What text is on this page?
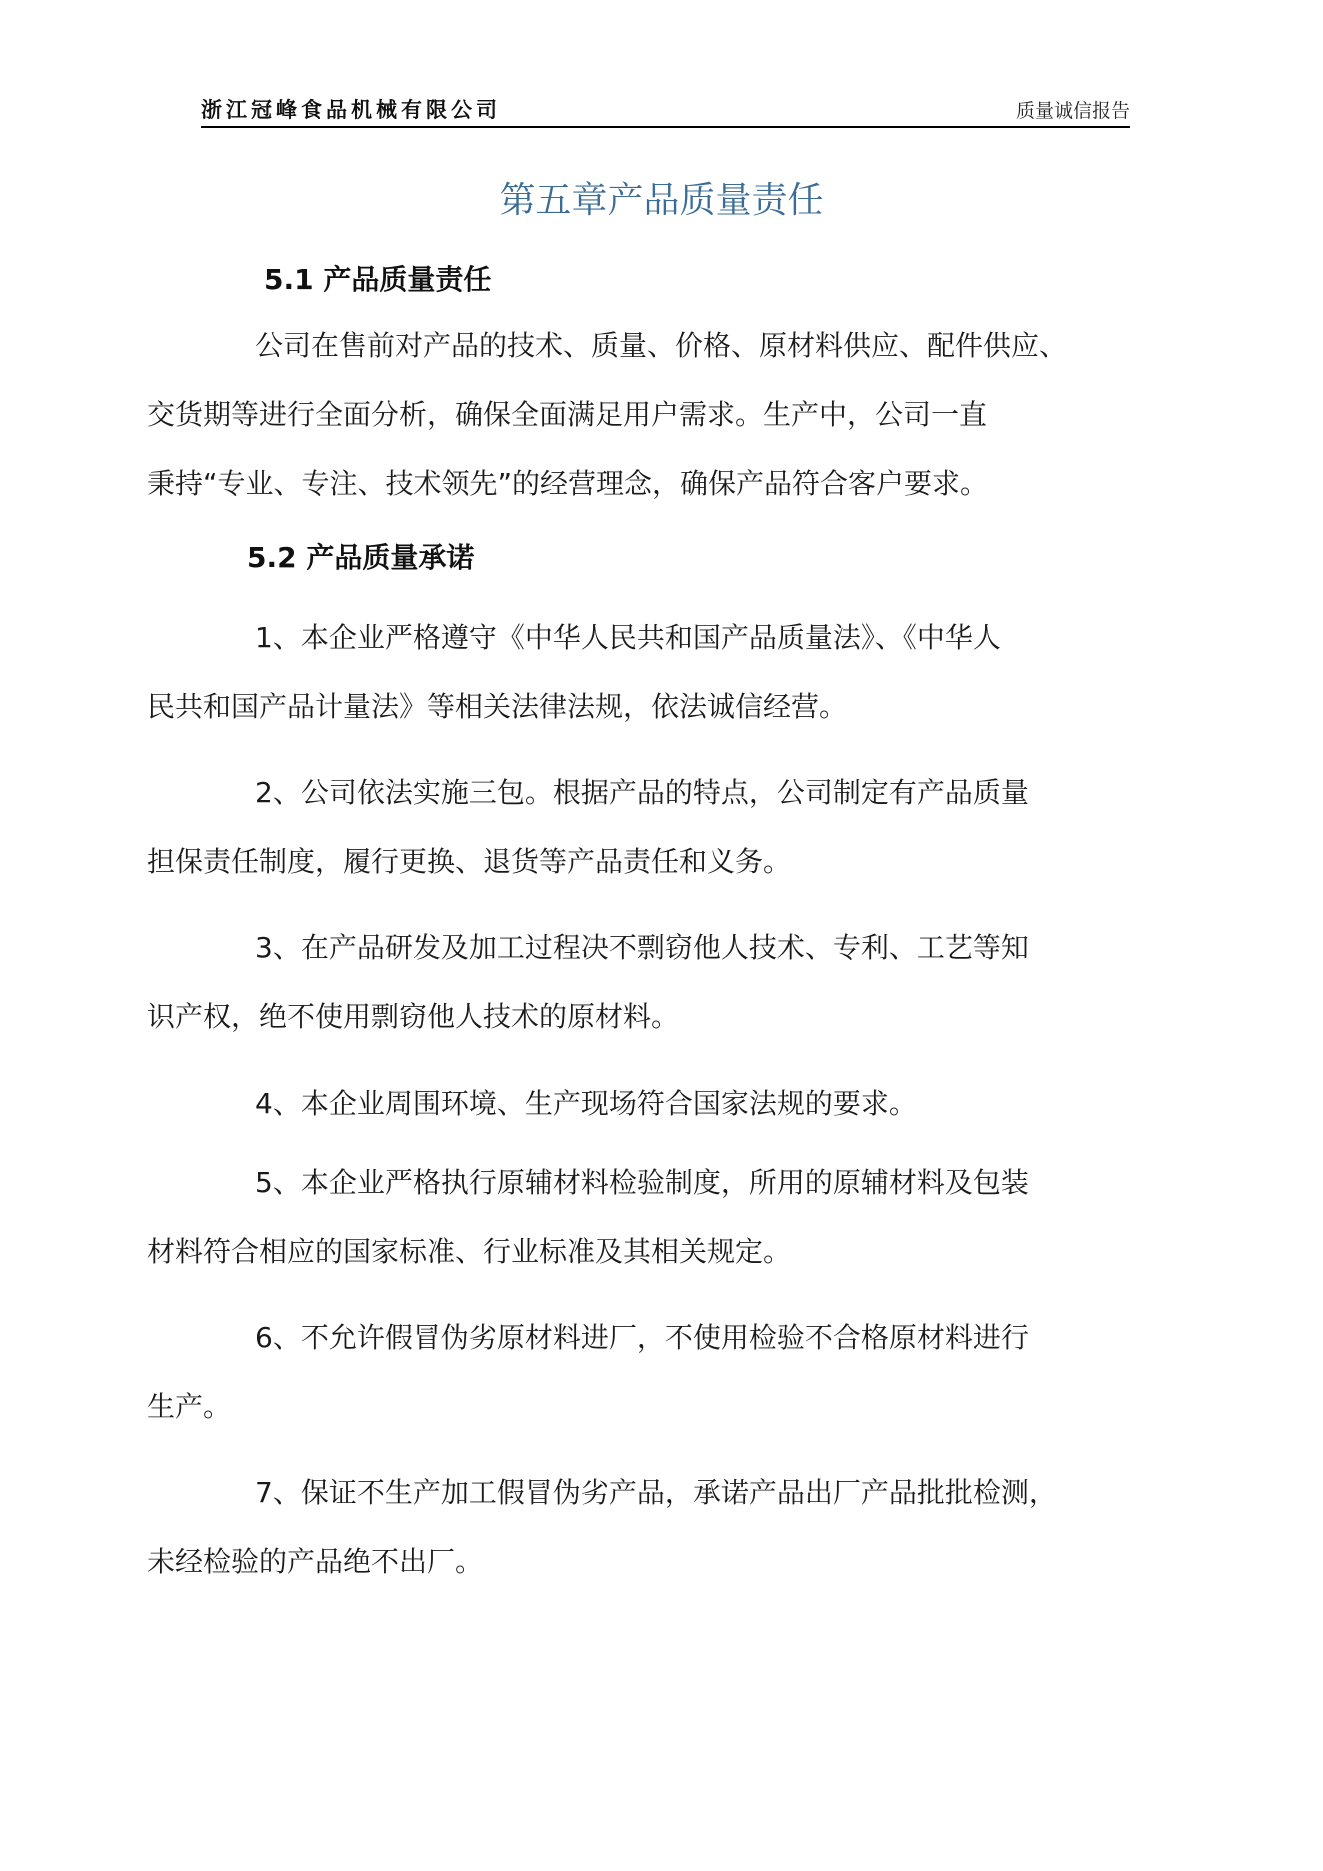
浙江冠峰食品机械有限公司	质量诚信报告
第五章产品质量责任
5.1 产品质量责任

公司在售前对产品的技术、质量、价格、原材料供应、配件供应、
交货期等进行全面分析，确保全面满足用户需求。生产中，公司一直
秉持“专业、专注、技术领先”的经营理念，确保产品符合客户要求。

5.2 产品质量承诺

1、本企业严格遵守《中华人民共和国产品质量法》、《中华人
民共和国产品计量法》等相关法律法规，依法诚信经营。

2、公司依法实施三包。根据产品的特点，公司制定有产品质量
担保责任制度，履行更换、退货等产品责任和义务。

3、在产品研发及加工过程决不剽窃他人技术、专利、工艺等知
识产权，绝不使用剽窃他人技术的原材料。

4、本企业周围环境、生产现场符合国家法规的要求。

5、本企业严格执行原辅材料检验制度，所用的原辅材料及包装
材料符合相应的国家标准、行业标准及其相关规定。

6、不允许假冒伪劣原材料进厂，不使用检验不合格原材料进行
生产。

7、保证不生产加工假冒伪劣产品，承诺产品出厂产品批批检测，
未经检验的产品绝不出厂。
